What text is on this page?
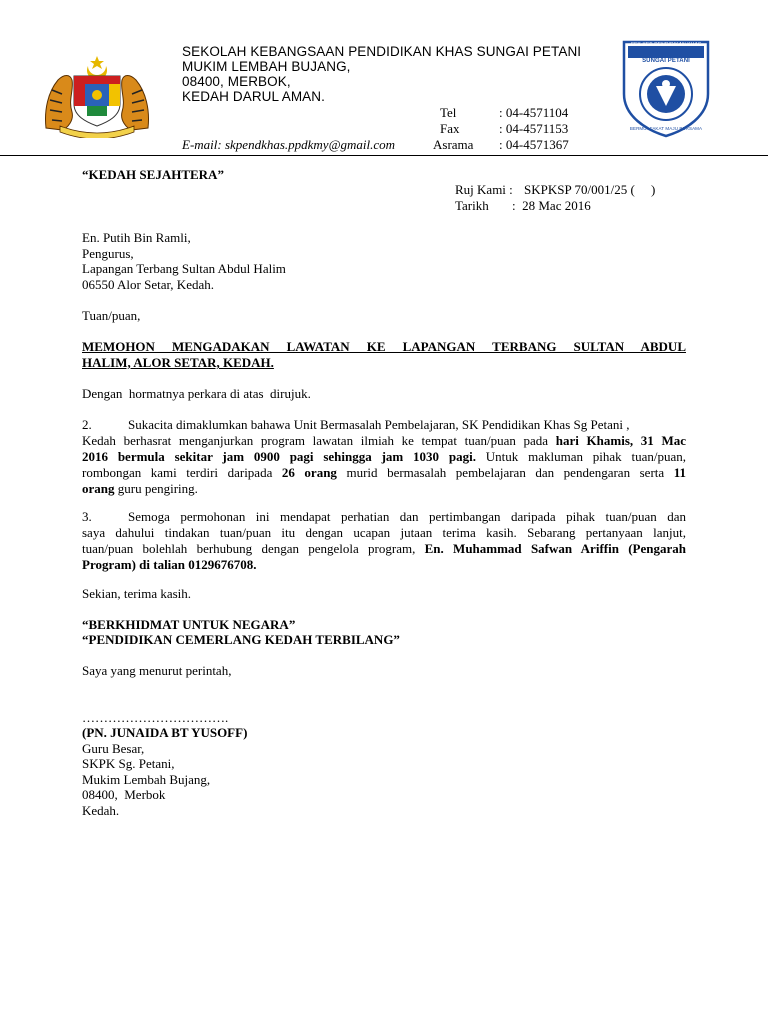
SEK KEB PENDIDIKAN KHAS
SUNGAI PETANI
BERMUAFAKAT MAJU BERSAMA
SEKOLAH KEBANGSAAN PENDIDIKAN KHAS SUNGAI PETANI
MUKIM LEMBAH BUJANG,
08400, MERBOK,
KEDAH DARUL AMAN.
Tel	: 04-4571104
Fax	: 04-4571153
E-mail: skpendkhas.ppdkmy@gmail.com	Asrama : 04-4571367
“KEDAH SEJAHTERA”
Ruj Kami : SKPKSP 70/001/25 (     )
Tarikh :  28 Mac 2016
En. Putih Bin Ramli,
Pengurus,
Lapangan Terbang Sultan Abdul Halim
06550 Alor Setar, Kedah.
Tuan/puan,
MEMOHON MENGADAKAN LAWATAN KE LAPANGAN TERBANG SULTAN ABDUL
HALIM, ALOR SETAR, KEDAH.
Dengan  hormatnya perkara di atas  dirujuk.
2.	Sukacita dimaklumkan bahawa Unit Bermasalah Pembelajaran, SK Pendidikan Khas Sg Petani ,
Kedah berhasrat menganjurkan program lawatan ilmiah ke tempat tuan/puan pada hari Khamis, 31 Mac
2016 bermula sekitar jam 0900 pagi sehingga jam 1030 pagi. Untuk makluman pihak tuan/puan,
rombongan kami terdiri daripada 26 orang murid bermasalah pembelajaran dan pendengaran serta 11
orang guru pengiring.
3.	Semoga permohonan ini mendapat perhatian dan pertimbangan daripada pihak tuan/puan dan
saya dahului tindakan tuan/puan itu dengan ucapan jutaan terima kasih. Sebarang pertanyaan lanjut,
tuan/puan bolehlah berhubung dengan pengelola program, En. Muhammad Safwan Ariffin (Pengarah
Program) di talian 0129676708.
Sekian, terima kasih.
“BERKHIDMAT UNTUK NEGARA”
“PENDIDIKAN CEMERLANG KEDAH TERBILANG”
Saya yang menurut perintah,
…………………………….
(PN. JUNAIDA BT YUSOFF)
Guru Besar,
SKPK Sg. Petani,
Mukim Lembah Bujang,
08400,  Merbok
Kedah.
